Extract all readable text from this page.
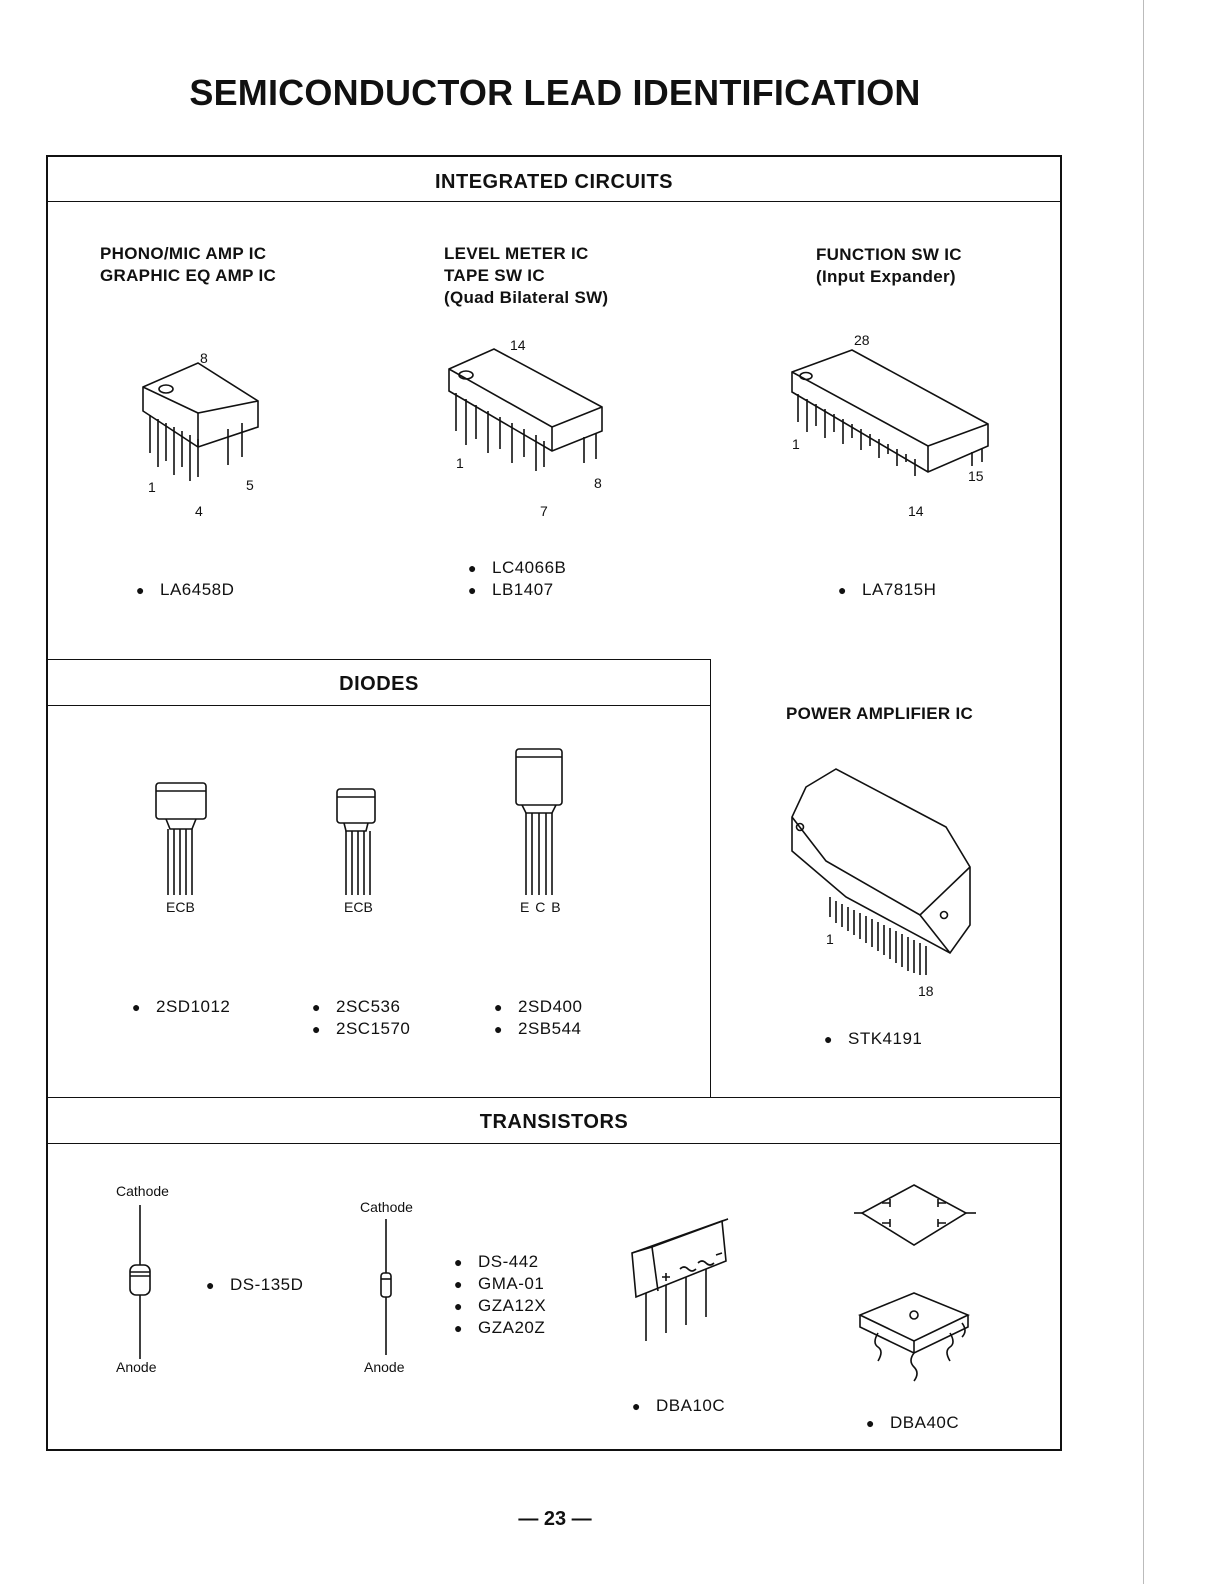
SEMICONDUCTOR LEAD IDENTIFICATION
INTEGRATED CIRCUITS
PHONO/MIC AMP IC
GRAPHIC EQ AMP IC
8
1	5
4
● LA6458D
LEVEL METER IC
TAPE SW IC
(Quad Bilateral SW)
14
1
8
7
● LC4066B
● LB1407
FUNCTION SW IC
(Input Expander)
28
1
15
14
● LA7815H
DIODES
ECB
● 2SD1012
ECB
● 2SC536
● 2SC1570
E C B
● 2SD400
● 2SB544
POWER AMPLIFIER IC
1
18
● STK4191
TRANSISTORS
Cathode
Anode
● DS-135D
Cathode
Anode
● DS-442
● GMA-01
● GZA12X
● GZA20Z
● DBA10C
● DBA40C
— 23 —
